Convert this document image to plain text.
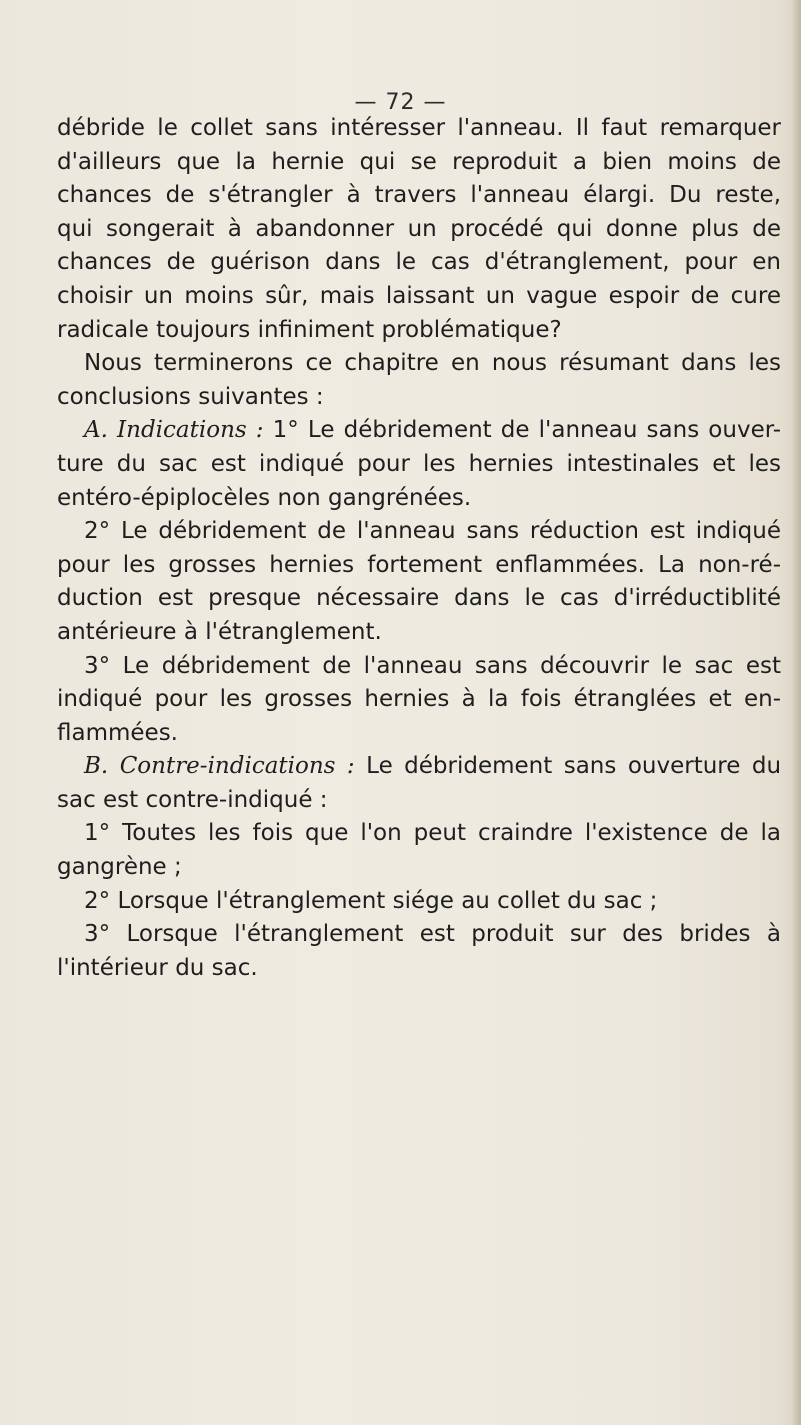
— 72 —
débride le collet sans intéresser l'anneau. Il faut remarquer
d'ailleurs que la hernie qui se reproduit a bien moins de
chances de s'étrangler à travers l'anneau élargi. Du reste,
qui songerait à abandonner un procédé qui donne plus de
chances de guérison dans le cas d'étranglement, pour en
choisir un moins sûr, mais laissant un vague espoir de cure
radicale toujours infiniment problématique?
Nous terminerons ce chapitre en nous résumant dans les
conclusions suivantes :
A. Indications : 1° Le débridement de l'anneau sans ouver-
ture du sac est indiqué pour les hernies intestinales et les
entéro-épiplocèles non gangrénées.
2° Le débridement de l'anneau sans réduction est indiqué
pour les grosses hernies fortement enflammées. La non-ré-
duction est presque nécessaire dans le cas d'irréductiblité
antérieure à l'étranglement.
3° Le débridement de l'anneau sans découvrir le sac est
indiqué pour les grosses hernies à la fois étranglées et en-
flammées.
B. Contre-indications : Le débridement sans ouverture du
sac est contre-indiqué :
1° Toutes les fois que l'on peut craindre l'existence de la
gangrène ;
2° Lorsque l'étranglement siége au collet du sac ;
3° Lorsque l'étranglement est produit sur des brides à
l'intérieur du sac.
